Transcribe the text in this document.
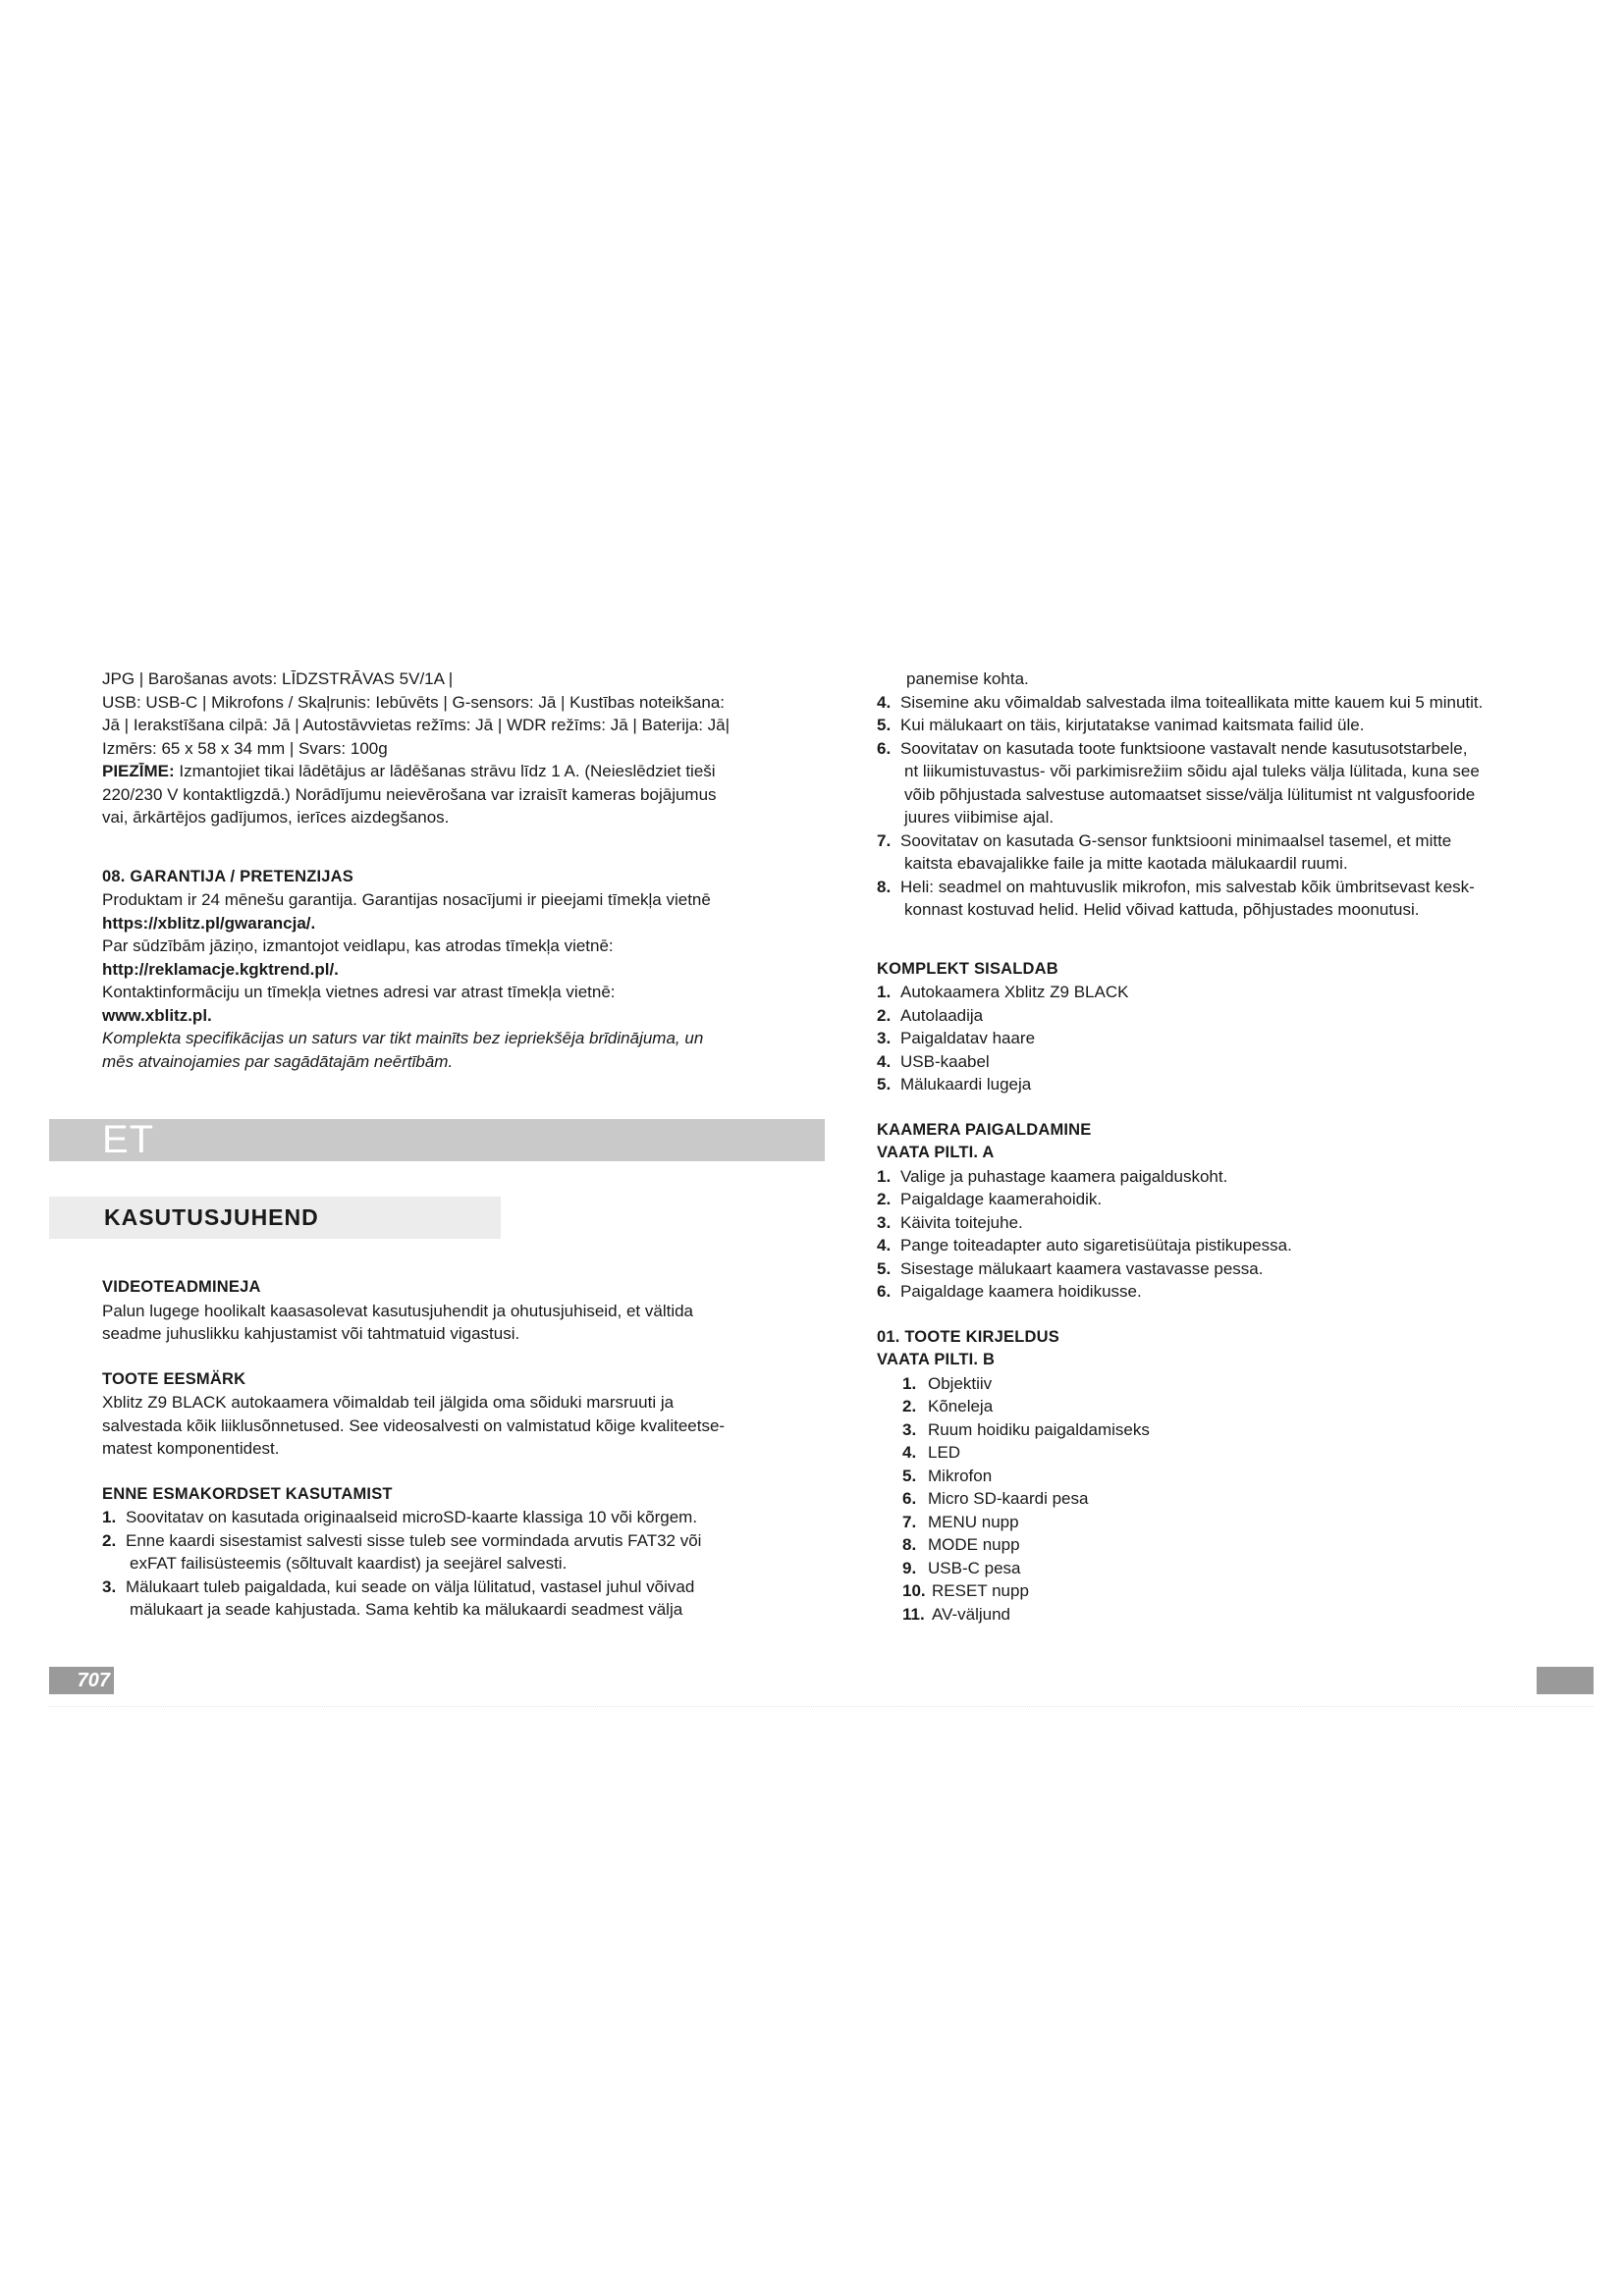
JPG | Barošanas avots: LĪDZSTRĀVAS 5V/1A |

USB: USB-C | Mikrofons / Skaļrunis: Iebūvēts | G-sensors: Jā | Kustības noteikšana:

Jā | Ierakstīšana cilpā: Jā | Autostāvvietas režīms: Jā | WDR režīms: Jā | Baterija: Jā|

Izmērs: 65 x 58 x 34 mm | Svars: 100g

PIEZĪME: Izmantojiet tikai lādētājus ar lādēšanas strāvu līdz 1 A. (Neieslēdziet tieši

220/230 V kontaktligzdā.) Norādījumu neievērošana var izraisīt kameras bojājumus

vai, ārkārtējos gadījumos, ierīces aizdegšanos.

08. GARANTIJA / PRETENZIJAS

Produktam ir 24 mēnešu garantija. Garantijas nosacījumi ir pieejami tīmekļa vietnē

https://xblitz.pl/gwarancja/.

Par sūdzībām jāziņo, izmantojot veidlapu, kas atrodas tīmekļa vietnē:

http://reklamacje.kgktrend.pl/.

Kontaktinformāciju un tīmekļa vietnes adresi var atrast tīmekļa vietnē:

www.xblitz.pl.

Komplekta specifikācijas un saturs var tikt mainīts bez iepriekšēja brīdinājuma, un

mēs atvainojamies par sagādātajām neērtībām.

ET
KASUTUSJUHEND

VIDEOTEADMINEJA

Palun lugege hoolikalt kaasasolevat kasutusjuhendit ja ohutusjuhiseid, et vältida

seadme juhuslikku kahjustamist või tahtmatuid vigastusi.

TOOTE EESMÄRK

Xblitz Z9 BLACK autokaamera võimaldab teil jälgida oma sõiduki marsruuti ja

salvestada kõik liiklusõnnetused. See videosalvesti on valmistatud kõige kvaliteetse-

matest komponentidest.

ENNE ESMAKORDSET KASUTAMIST

1. Soovitatav on kasutada originaalseid microSD-kaarte klassiga 10 või kõrgem.
2. Enne kaardi sisestamist salvesti sisse tuleb see vormindada arvutis FAT32 või
exFAT failisüsteemis (sõltuvalt kaardist) ja seejärel salvesti.
3. Mälukaart tuleb paigaldada, kui seade on välja lülitatud, vastasel juhul võivad
mälukaart ja seade kahjustada. Sama kehtib ka mälukaardi seadmest välja

panemise kohta.

4. Sisemine aku võimaldab salvestada ilma toiteallikata mitte kauem kui 5 minutit.
5. Kui mälukaart on täis, kirjutatakse vanimad kaitsmata failid üle.
6. Soovitatav on kasutada toote funktsioone vastavalt nende kasutusotstarbele,
nt liikumistuvastus- või parkimisrežiim sõidu ajal tuleks välja lülitada, kuna see
võib põhjustada salvestuse automaatset sisse/välja lülitumist nt valgusfooride
juures viibimise ajal.
7. Soovitatav on kasutada G-sensor funktsiooni minimaalsel tasemel, et mitte
kaitsta ebavajalikke faile ja mitte kaotada mälukaardil ruumi.
8. Heli: seadmel on mahtuvuslik mikrofon, mis salvestab kõik ümbritsevast kesk-
konnast kostuvad helid. Helid võivad kattuda, põhjustades moonutusi.

KOMPLEKT SISALDAB

1. Autokaamera Xblitz Z9 BLACK
2. Autolaadija
3. Paigaldatav haare
4. USB-kaabel
5. Mälukaardi lugeja

KAAMERA PAIGALDAMINE

VAATA PILTI. A

1. Valige ja puhastage kaamera paigalduskoht.
2. Paigaldage kaamerahoidik.
3. Käivita toitejuhe.
4. Pange toiteadapter auto sigaretisüütaja pistikupessa.
5. Sisestage mälukaart kaamera vastavasse pessa.
6. Paigaldage kaamera hoidikusse.

01. TOOTE KIRJELDUS

VAATA PILTI. B

1. Objektiiv
2. Kõneleja
3. Ruum hoidiku paigaldamiseks
4. LED
5. Mikrofon
6. Micro SD-kaardi pesa
7. MENU nupp
8. MODE nupp
9. USB-C pesa
10. RESET nupp
11. AV-väljund
707
